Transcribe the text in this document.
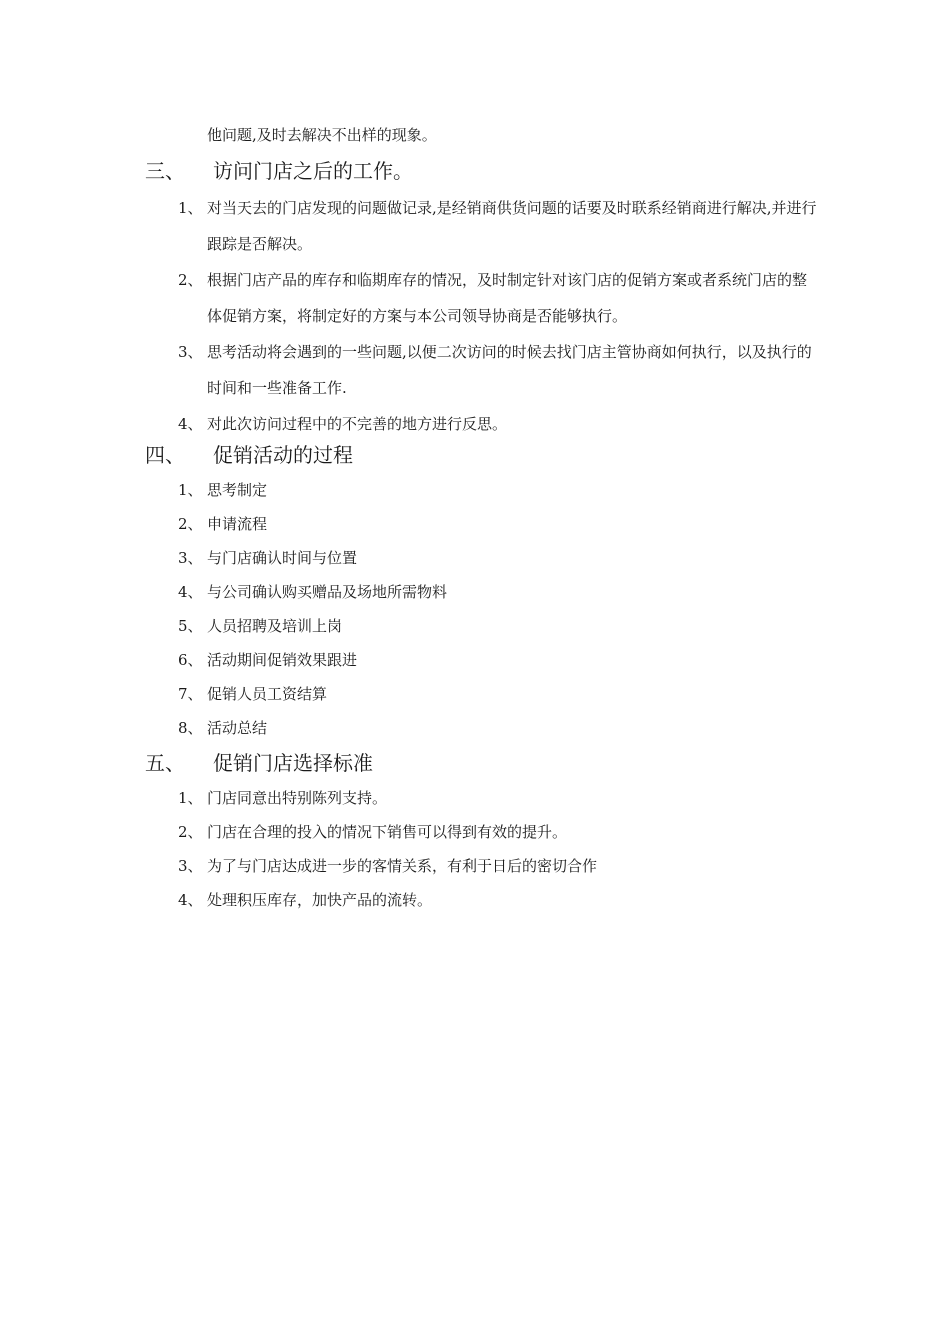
他问题,及时去解决不出样的现象。
三、 访问门店之后的工作。
1、 对当天去的门店发现的问题做记录,是经销商供货问题的话要及时联系经销商进行解决,并进行跟踪是否解决。
2、 根据门店产品的库存和临期库存的情况，及时制定针对该门店的促销方案或者系统门店的整体促销方案，将制定好的方案与本公司领导协商是否能够执行。
3、 思考活动将会遇到的一些问题,以便二次访问的时候去找门店主管协商如何执行，以及执行的时间和一些准备工作.
4、 对此次访问过程中的不完善的地方进行反思。
四、 促销活动的过程
1、 思考制定
2、 申请流程
3、 与门店确认时间与位置
4、 与公司确认购买赠品及场地所需物料
5、 人员招聘及培训上岗
6、 活动期间促销效果跟进
7、 促销人员工资结算
8、 活动总结
五、 促销门店选择标准
1、 门店同意出特别陈列支持。
2、 门店在合理的投入的情况下销售可以得到有效的提升。
3、 为了与门店达成进一步的客情关系，有利于日后的密切合作
4、 处理积压库存，加快产品的流转。
